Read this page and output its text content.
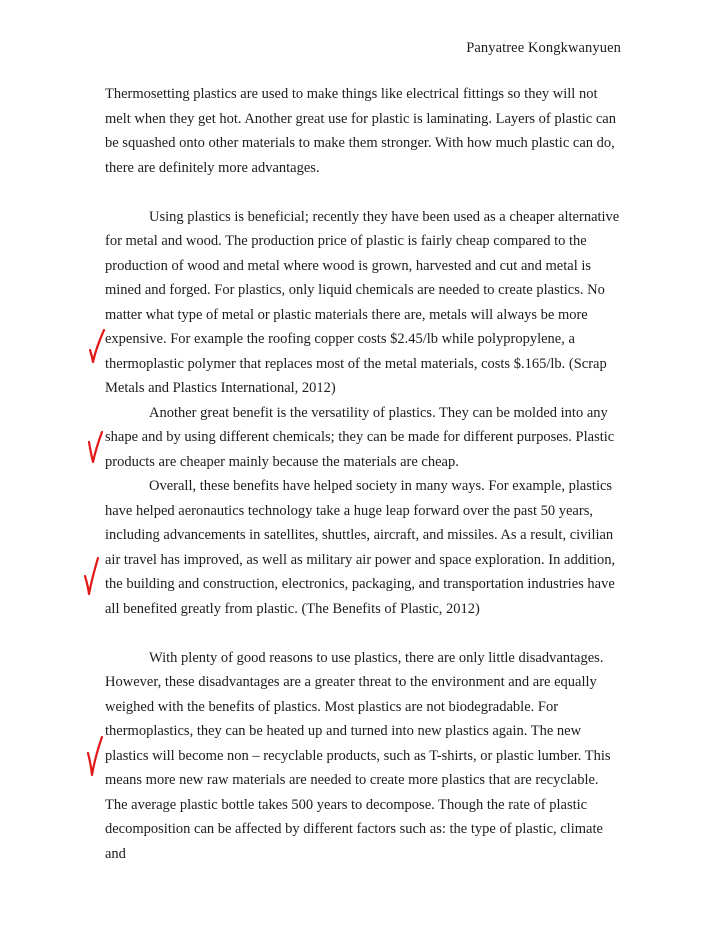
Panyatree Kongkwanyuen

Thermosetting plastics are used to make things like electrical fittings so they will not melt when they get hot. Another great use for plastic is laminating. Layers of plastic can be squashed onto other materials to make them stronger. With how much plastic can do, there are definitely more advantages.

Using plastics is beneficial; recently they have been used as a cheaper alternative for metal and wood. The production price of plastic is fairly cheap compared to the production of wood and metal where wood is grown, harvested and cut and metal is mined and forged. For plastics, only liquid chemicals are needed to create plastics. No matter what type of metal or plastic materials there are, metals will always be more expensive. For example the roofing copper costs $2.45/lb while polypropylene, a thermoplastic polymer that replaces most of the metal materials, costs $.165/lb. (Scrap Metals and Plastics International, 2012)

Another great benefit is the versatility of plastics. They can be molded into any shape and by using different chemicals; they can be made for different purposes. Plastic products are cheaper mainly because the materials are cheap.

Overall, these benefits have helped society in many ways. For example, plastics have helped aeronautics technology take a huge leap forward over the past 50 years, including advancements in satellites, shuttles, aircraft, and missiles. As a result, civilian air travel has improved, as well as military air power and space exploration. In addition, the building and construction, electronics, packaging, and transportation industries have all benefited greatly from plastic. (The Benefits of Plastic, 2012)

With plenty of good reasons to use plastics, there are only little disadvantages. However, these disadvantages are a greater threat to the environment and are equally weighed with the benefits of plastics. Most plastics are not biodegradable. For thermoplastics, they can be heated up and turned into new plastics again. The new plastics will become non – recyclable products, such as T-shirts, or plastic lumber. This means more new raw materials are needed to create more plastics that are recyclable. The average plastic bottle takes 500 years to decompose. Though the rate of plastic decomposition can be affected by different factors such as: the type of plastic, climate and
